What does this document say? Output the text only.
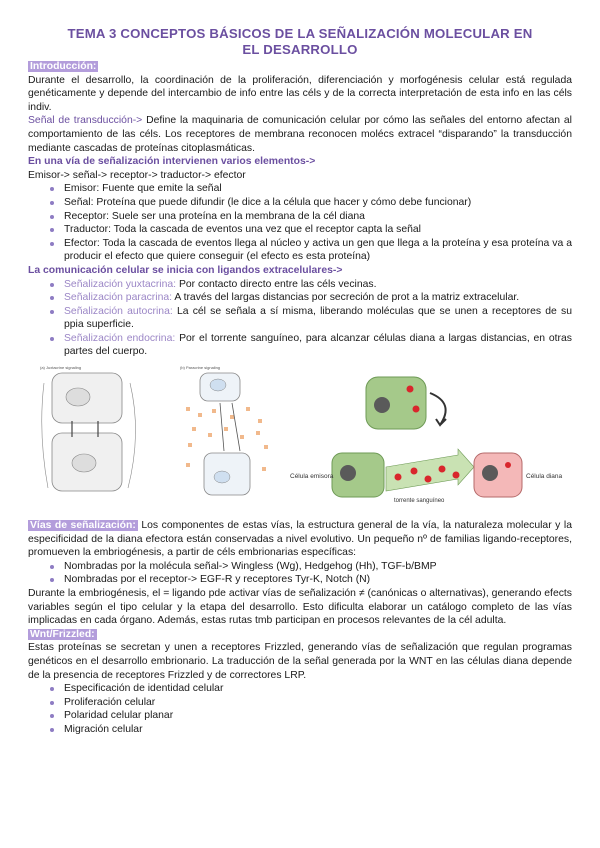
TEMA 3 CONCEPTOS BÁSICOS DE LA SEÑALIZACIÓN MOLECULAR EN EL DESARROLLO
Introducción:

Durante el desarrollo, la coordinación de la proliferación, diferenciación y morfogénesis celular está regulada genéticamente y depende del intercambio de info entre las céls y de la correcta interpretación de esta info en las céls indiv.

Señal de transducción-> Define la maquinaria de comunicación celular por cómo las señales del entorno afectan al comportamiento de las céls. Los receptores de membrana reconocen molécs extracel “disparando” la transducción mediante cascadas de proteínas citoplasmáticas.

En una vía de señalización intervienen varios elementos->
Emisor-> señal-> receptor-> traductor-> efector
Emisor: Fuente que emite la señal
Señal: Proteína que puede difundir (le dice a la célula que hacer y cómo debe funcionar)
Receptor: Suele ser una proteína en la membrana de la cél diana
Traductor: Toda la cascada de eventos una vez que el receptor capta la señal
Efector: Toda la cascada de eventos llega al núcleo y activa un gen que llega a la proteína y esa proteína va a producir el efecto que quiere conseguir (el efecto es esta proteína)
La comunicación celular se inicia con ligandos extracelulares->
Señalización yuxtacrina: Por contacto directo entre las céls vecinas.
Señalización paracrina: A través del largas distancias por secreción de prot a la matriz extracelular.
Señalización autocrina: La cél se señala a sí misma, liberando moléculas que se unen a receptores de su ppia superficie.
Señalización endocrina: Por el torrente sanguíneo, para alcanzar células diana a largas distancias, en otras partes del cuerpo.
(a) Juxtacrine signaling	(b) Paracrine signaling
Célula emisora
torrente sanguíneo
Célula diana

Vías de señalización: Los componentes de estas vías, la estructura general de la vía, la naturaleza molecular y la especificidad de la diana efectora están conservadas a nivel evolutivo. Un pequeño nº de familias ligando-receptores, promueven la embriogénesis, a partir de céls embrionarias específicas:

Nombradas por la molécula señal-> Wingless (Wg), Hedgehog (Hh), TGF-b/BMP
Nombradas por el receptor-> EGF-R y receptores Tyr-K, Notch (N)

Durante la embriogénesis, el = ligando pde activar vías de señalización ≠ (canónicas o alternativas), generando efects variables según el tipo celular y la etapa del desarrollo. Esto dificulta elaborar un catálogo completo de las vías implicadas en cada órgano. Además, estas rutas tmb participan en procesos relevantes de la cél adulta.

Wnt/Frizzled:

Estas proteínas se secretan y unen a receptores Frizzled, generando vías de señalización que regulan programas genéticos en el desarrollo embrionario. La traducción de la señal generada por la WNT en las células diana depende de la presencia de receptores Frizzled y de correctores LRP.

Especificación de identidad celular
Proliferación celular
Polaridad celular planar
Migración celular
